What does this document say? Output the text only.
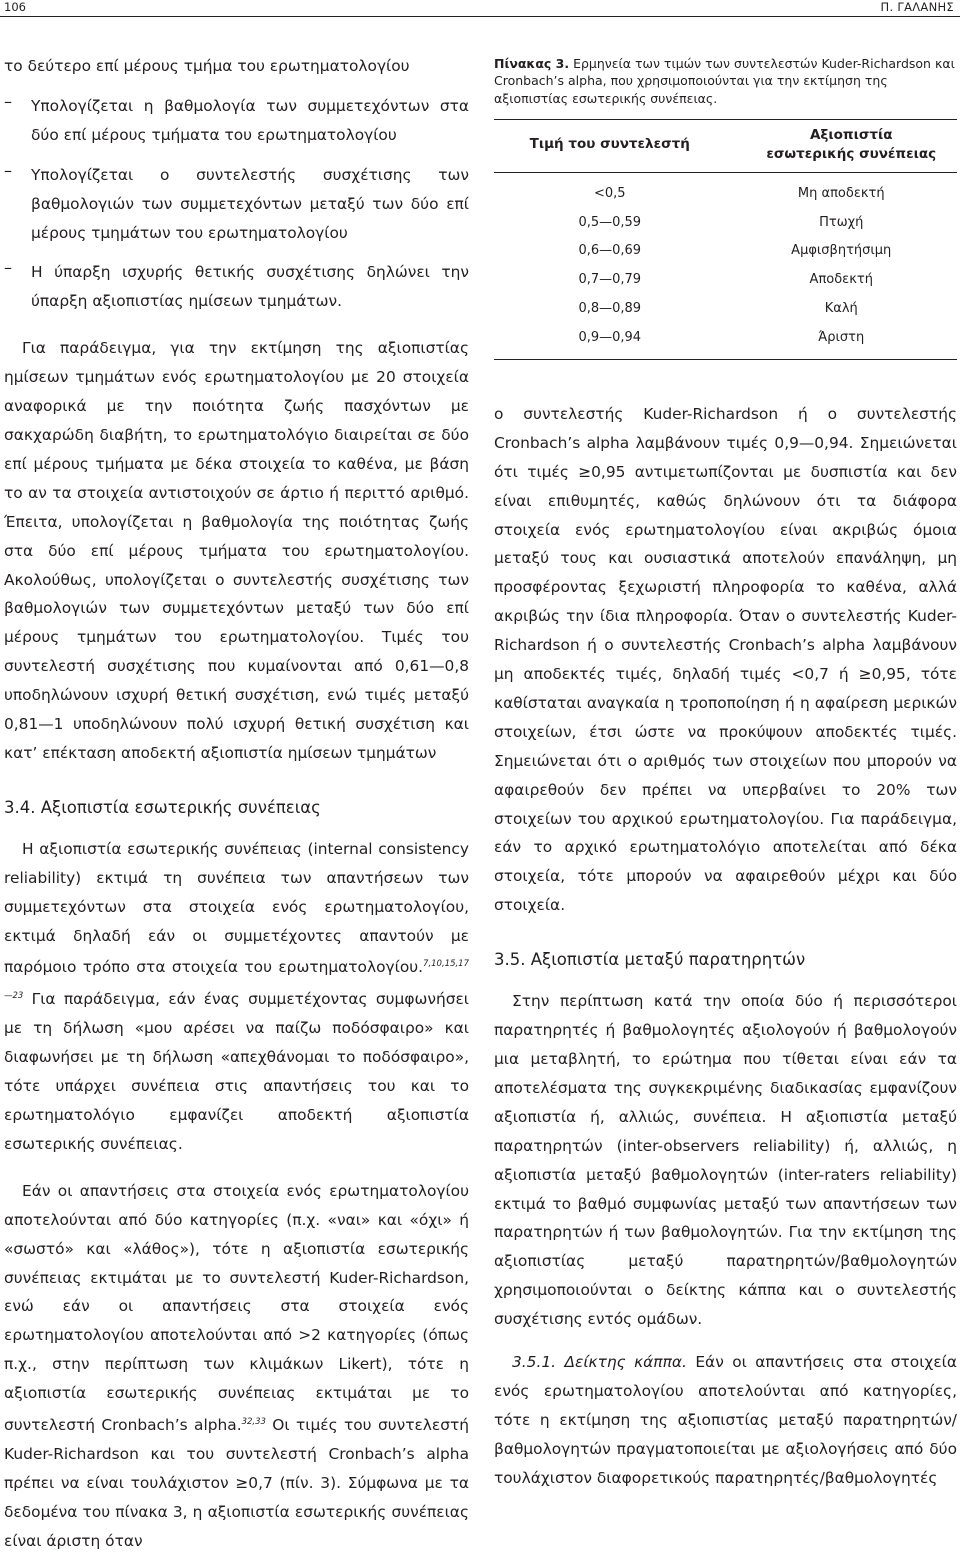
106	Π. ΓΑΛΑΝΗΣ

το δεύτερο επί μέρους τμήμα του ερωτηματολογίου

– Υπολογίζεται η βαθμολογία των συμμετεχόντων στα δύο επί μέρους τμήματα του ερωτηματολογίου

– Υπολογίζεται ο συντελεστής συσχέτισης των βαθμολογιών των συμμετεχόντων μεταξύ των δύο επί μέρους τμημάτων του ερωτηματολογίου

– Η ύπαρξη ισχυρής θετικής συσχέτισης δηλώνει την ύπαρξη αξιοπιστίας ημίσεων τμημάτων.

Για παράδειγμα, για την εκτίμηση της αξιοπιστίας ημίσεων τμημάτων ενός ερωτηματολογίου με 20 στοιχεία αναφορικά με την ποιότητα ζωής πασχόντων με σακχαρώδη διαβήτη, το ερωτηματολόγιο διαιρείται σε δύο επί μέρους τμήματα με δέκα στοιχεία το καθένα, με βάση το αν τα στοιχεία αντιστοιχούν σε άρτιο ή περιττό αριθμό. Έπειτα, υπολογίζεται η βαθμολογία της ποιότητας ζωής στα δύο επί μέρους τμήματα του ερωτηματολογίου. Ακολούθως, υπολογίζεται ο συντελεστής συσχέτισης των βαθμολογιών των συμμετεχόντων μεταξύ των δύο επί μέρους τμημάτων του ερωτηματολογίου. Τιμές του συντελεστή συσχέτισης που κυμαίνονται από 0,61—0,8 υποδηλώνουν ισχυρή θετική συσχέτιση, ενώ τιμές μεταξύ 0,81—1 υποδηλώνουν πολύ ισχυρή θετική συσχέτιση και κατ’ επέκταση αποδεκτή αξιοπιστία ημίσεων τμημάτων

3.4. Αξιοπιστία εσωτερικής συνέπειας

Η αξιοπιστία εσωτερικής συνέπειας (internal consistency reliability) εκτιμά τη συνέπεια των απαντήσεων των συμμετεχόντων στα στοιχεία ενός ερωτηματολογίου, εκτιμά δηλαδή εάν οι συμμετέχοντες απαντούν με παρόμοιο τρόπο στα στοιχεία του ερωτηματολογίου.$^{7,10,15,17—23}$ Για παράδειγμα, εάν ένας συμμετέχοντας συμφωνήσει με τη δήλωση «μου αρέσει να παίζω ποδόσφαιρο» και διαφωνήσει με τη δήλωση «απεχθάνομαι το ποδόσφαιρο», τότε υπάρχει συνέπεια στις απαντήσεις του και το ερωτηματολόγιο εμφανίζει αποδεκτή αξιοπιστία εσωτερικής συνέπειας.

Εάν οι απαντήσεις στα στοιχεία ενός ερωτηματολογίου αποτελούνται από δύο κατηγορίες (π.χ. «ναι» και «όχι» ή «σωστό» και «λάθος»), τότε η αξιοπιστία εσωτερικής συνέπειας εκτιμάται με το συντελεστή Kuder-Richardson, ενώ εάν οι απαντήσεις στα στοιχεία ενός ερωτηματολογίου αποτελούνται από >2 κατηγορίες (όπως π.χ., στην περίπτωση των κλιμάκων Likert), τότε η αξιοπιστία εσωτερικής συνέπειας εκτιμάται με το συντελεστή Cronbach’s alpha.$^{32,33}$ Οι τιμές του συντελεστή Kuder-Richardson και του συντελεστή Cronbach’s alpha πρέπει να είναι τουλάχιστον ≥0,7 (πίν. 3). Σύμφωνα με τα δεδομένα του πίνακα 3, η αξιοπιστία εσωτερικής συνέπειας είναι άριστη όταν

Πίνακας 3. Ερμηνεία των τιμών των συντελεστών Kuder-Richardson και Cronbach’s alpha, που χρησιμοποιούνται για την εκτίμηση της αξιοπιστίας εσωτερικής συνέπειας.

Τιμή του συντελεστή	Αξιοπιστία εσωτερικής συνέπειας
<0,5	Μη αποδεκτή
0,5—0,59	Πτωχή
0,6—0,69	Αμφισβητήσιμη
0,7—0,79	Αποδεκτή
0,8—0,89	Καλή
0,9—0,94	Άριστη

ο συντελεστής Kuder-Richardson ή ο συντελεστής Cronbach’s alpha λαμβάνουν τιμές 0,9—0,94. Σημειώνεται ότι τιμές ≥0,95 αντιμετωπίζονται με δυσπιστία και δεν είναι επιθυμητές, καθώς δηλώνουν ότι τα διάφορα στοιχεία ενός ερωτηματολογίου είναι ακριβώς όμοια μεταξύ τους και ουσιαστικά αποτελούν επανάληψη, μη προσφέροντας ξεχωριστή πληροφορία το καθένα, αλλά ακριβώς την ίδια πληροφορία. Όταν ο συντελεστής Kuder-Richardson ή ο συντελεστής Cronbach’s alpha λαμβάνουν μη αποδεκτές τιμές, δηλαδή τιμές <0,7 ή ≥0,95, τότε καθίσταται αναγκαία η τροποποίηση ή η αφαίρεση μερικών στοιχείων, έτσι ώστε να προκύψουν αποδεκτές τιμές. Σημειώνεται ότι ο αριθμός των στοιχείων που μπορούν να αφαιρεθούν δεν πρέπει να υπερβαίνει το 20% των στοιχείων του αρχικού ερωτηματολογίου. Για παράδειγμα, εάν το αρχικό ερωτηματολόγιο αποτελείται από δέκα στοιχεία, τότε μπορούν να αφαιρεθούν μέχρι και δύο στοιχεία.

3.5. Αξιοπιστία μεταξύ παρατηρητών

Στην περίπτωση κατά την οποία δύο ή περισσότεροι παρατηρητές ή βαθμολογητές αξιολογούν ή βαθμολογούν μια μεταβλητή, το ερώτημα που τίθεται είναι εάν τα αποτελέσματα της συγκεκριμένης διαδικασίας εμφανίζουν αξιοπιστία ή, αλλιώς, συνέπεια. Η αξιοπιστία μεταξύ παρατηρητών (inter-observers reliability) ή, αλλιώς, η αξιοπιστία μεταξύ βαθμολογητών (inter-raters reliability) εκτιμά το βαθμό συμφωνίας μεταξύ των απαντήσεων των παρατηρητών ή των βαθμολογητών. Για την εκτίμηση της αξιοπιστίας μεταξύ παρατηρητών/βαθμολογητών χρησιμοποιούνται ο δείκτης κάππα και ο συντελεστής συσχέτισης εντός ομάδων.

3.5.1. Δείκτης κάππα. Εάν οι απαντήσεις στα στοιχεία ενός ερωτηματολογίου αποτελούνται από κατηγορίες, τότε η εκτίμηση της αξιοπιστίας μεταξύ παρατηρητών/ βαθμολογητών πραγματοποιείται με αξιολογήσεις από δύο τουλάχιστον διαφορετικούς παρατηρητές/βαθμολογητές
